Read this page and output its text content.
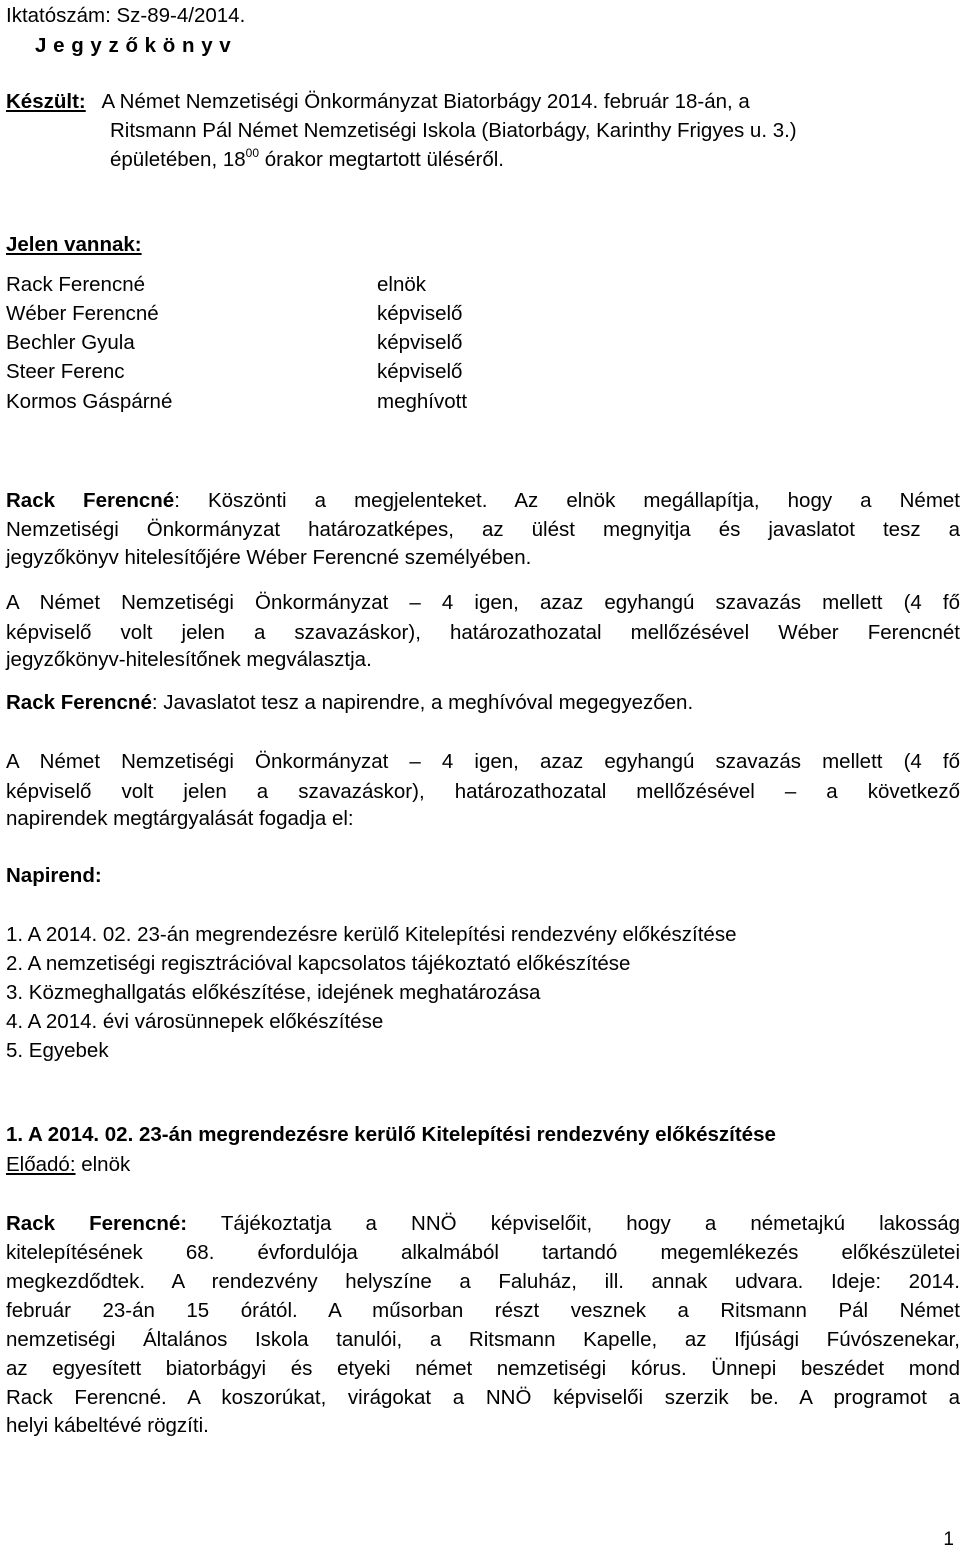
Iktatószám: Sz-89-4/2014.
J e g y z ő k ö n y v
Készült: A Német Nemzetiségi Önkormányzat Biatorbágy 2014. február 18-án, a
Ritsmann Pál Német Nemzetiségi Iskola (Biatorbágy, Karinthy Frigyes u. 3.)
épületében, $18^{00}$ órakor megtartott üléséről.
Jelen vannak:
Rack Ferencné	elnök
Wéber Ferencné	képviselő
Bechler Gyula	képviselő
Steer Ferenc	képviselő
Kormos Gáspárné	meghívott
Rack Ferencné: Köszönti a megjelenteket. Az elnök megállapítja, hogy a Német
Nemzetiségi Önkormányzat határozatképes, az ülést megnyitja és javaslatot tesz a
jegyzőkönyv hitelesítőjére Wéber Ferencné személyében.
A Német Nemzetiségi Önkormányzat – 4 igen, azaz egyhangú szavazás mellett (4 fő
képviselő volt jelen a szavazáskor), határozathozatal mellőzésével Wéber Ferencnét
jegyzőkönyv-hitelesítőnek megválasztja.
Rack Ferencné: Javaslatot tesz a napirendre, a meghívóval megegyezően.
A Német Nemzetiségi Önkormányzat – 4 igen, azaz egyhangú szavazás mellett (4 fő
képviselő volt jelen a szavazáskor), határozathozatal mellőzésével – a következő
napirendek megtárgyalását fogadja el:
Napirend:
1. A 2014. 02. 23-án megrendezésre kerülő Kitelepítési rendezvény előkészítése
2. A nemzetiségi regisztrációval kapcsolatos tájékoztató előkészítése
3. Közmeghallgatás előkészítése, idejének meghatározása
4. A 2014. évi városünnepek előkészítése
5. Egyebek
1. A 2014. 02. 23-án megrendezésre kerülő Kitelepítési rendezvény előkészítése
Előadó: elnök
Rack Ferencné: Tájékoztatja a NNÖ képviselőit, hogy a németajkú lakosság
kitelepítésének 68. évfordulója alkalmából tartandó megemlékezés előkészületei
megkezdődtek. A rendezvény helyszíne a Faluház, ill. annak udvara. Ideje: 2014.
február 23-án 15 órától. A műsorban részt vesznek a Ritsmann Pál Német
nemzetiségi Általános Iskola tanulói, a Ritsmann Kapelle, az Ifjúsági Fúvószenekar,
az egyesített biatorbágyi és etyeki német nemzetiségi kórus. Ünnepi beszédet mond
Rack Ferencné. A koszorúkat, virágokat a NNÖ képviselői szerzik be. A programot a
helyi kábeltévé rögzíti.
1
